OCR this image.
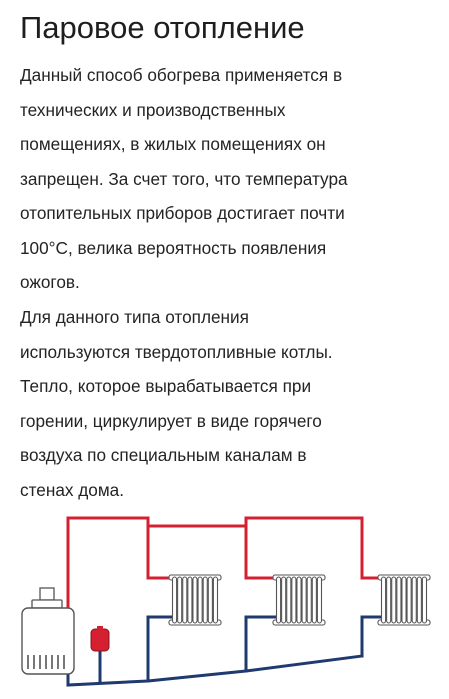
Паровое отопление

Данный способ обогрева применяется в
технических и производственных
помещениях, в жилых помещениях он
запрещен. За счет того, что температура
отопительных приборов достигает почти
100°C, велика вероятность появления
ожогов.

Для данного типа отопления
используются твердотопливные котлы.
Тепло, которое вырабатывается при
горении, циркулирует в виде горячего
воздуха по специальным каналам в
стенах дома.
